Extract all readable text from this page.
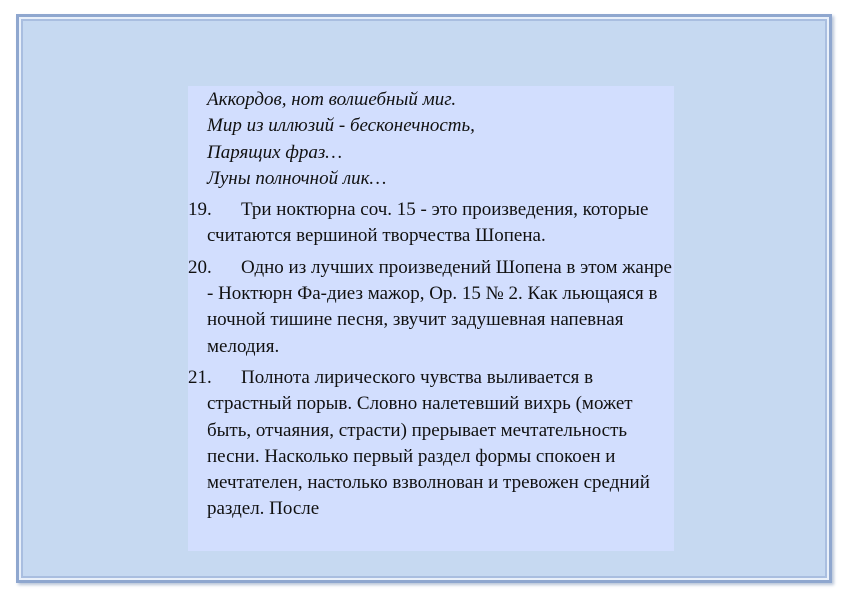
Аккордов, нот волшебный миг.
Мир из иллюзий - бесконечность,
Парящих фраз…
Луны полночной лик…
19. Три ноктюрна соч. 15 - это произведения, которые считаются вершиной творчества Шопена.
20. Одно из лучших произведений Шопена в этом жанре - Ноктюрн Фа-диез мажор, Ор. 15 № 2. Как льющаяся в ночной тишине песня, звучит задушевная напевная мелодия.
21. Полнота лирического чувства выливается в страстный порыв. Словно налетевший вихрь (может быть, отчаяния, страсти) прерывает мечтательность песни. Насколько первый раздел формы спокоен и мечтателен, настолько взволнован и тревожен средний раздел. После
